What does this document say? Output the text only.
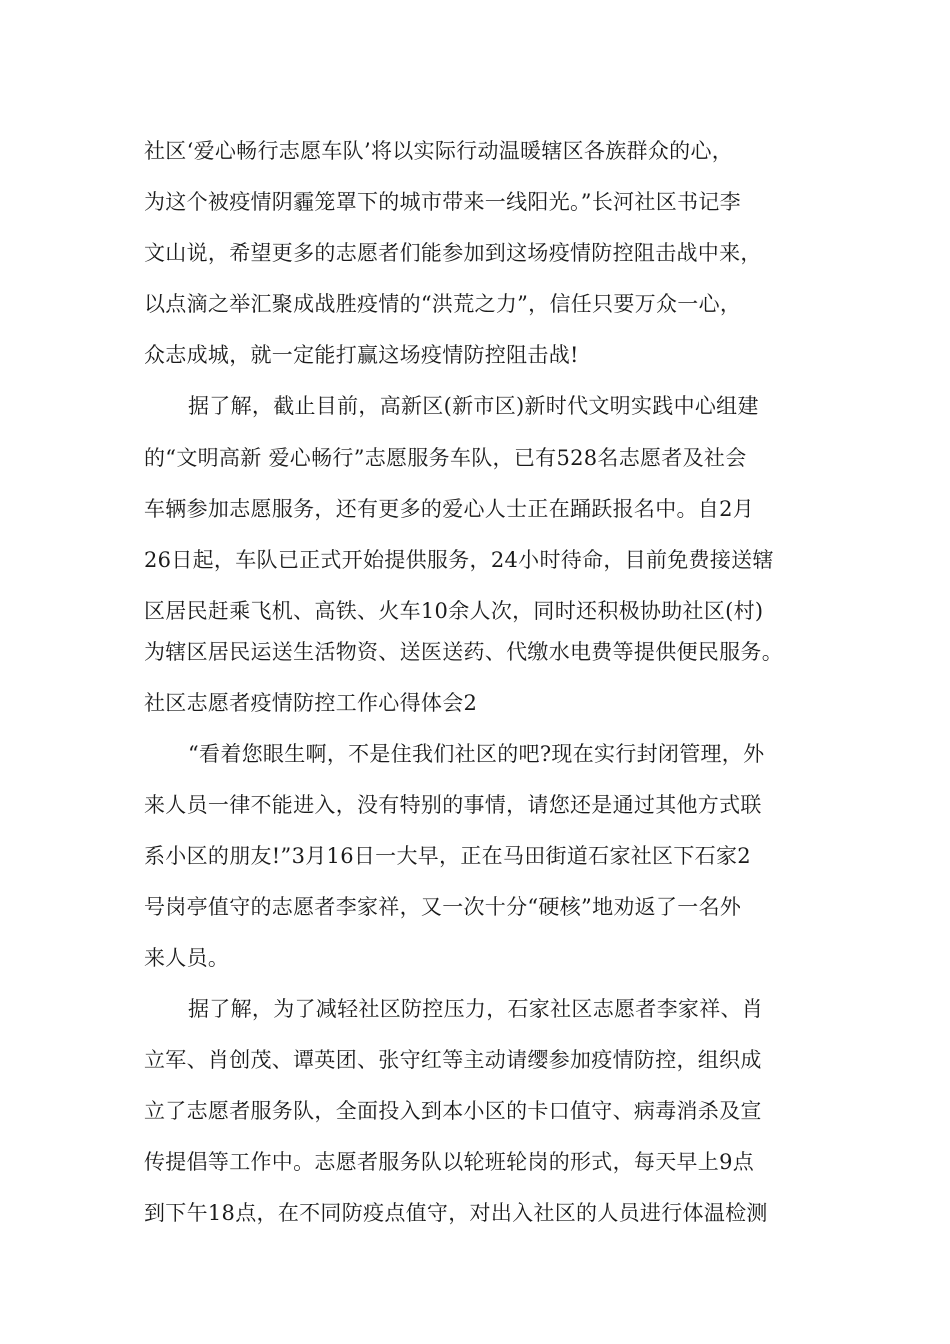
社区‘爱心畅行志愿车队’将以实际行动温暖辖区各族群众的心，
为这个被疫情阴霾笼罩下的城市带来一线阳光。”长河社区书记李
文山说，希望更多的志愿者们能参加到这场疫情防控阻击战中来，
以点滴之举汇聚成战胜疫情的“洪荒之力”，信任只要万众一心，
众志成城，就一定能打赢这场疫情防控阻击战!
据了解，截止目前，高新区(新市区)新时代文明实践中心组建
的“文明高新 爱心畅行”志愿服务车队，已有528名志愿者及社会
车辆参加志愿服务，还有更多的爱心人士正在踊跃报名中。自2月
26日起，车队已正式开始提供服务，24小时待命，目前免费接送辖
区居民赶乘飞机、高铁、火车10余人次，同时还积极协助社区(村)
为辖区居民运送生活物资、送医送药、代缴水电费等提供便民服务。
社区志愿者疫情防控工作心得体会2
“看着您眼生啊，不是住我们社区的吧?现在实行封闭管理，外
来人员一律不能进入，没有特别的事情，请您还是通过其他方式联
系小区的朋友!”3月16日一大早，正在马田街道石家社区下石家2
号岗亭值守的志愿者李家祥，又一次十分“硬核”地劝返了一名外
来人员。
据了解，为了减轻社区防控压力，石家社区志愿者李家祥、肖
立军、肖创茂、谭英团、张守红等主动请缨参加疫情防控，组织成
立了志愿者服务队，全面投入到本小区的卡口值守、病毒消杀及宣
传提倡等工作中。志愿者服务队以轮班轮岗的形式，每天早上9点
到下午18点，在不同防疫点值守，对出入社区的人员进行体温检测
